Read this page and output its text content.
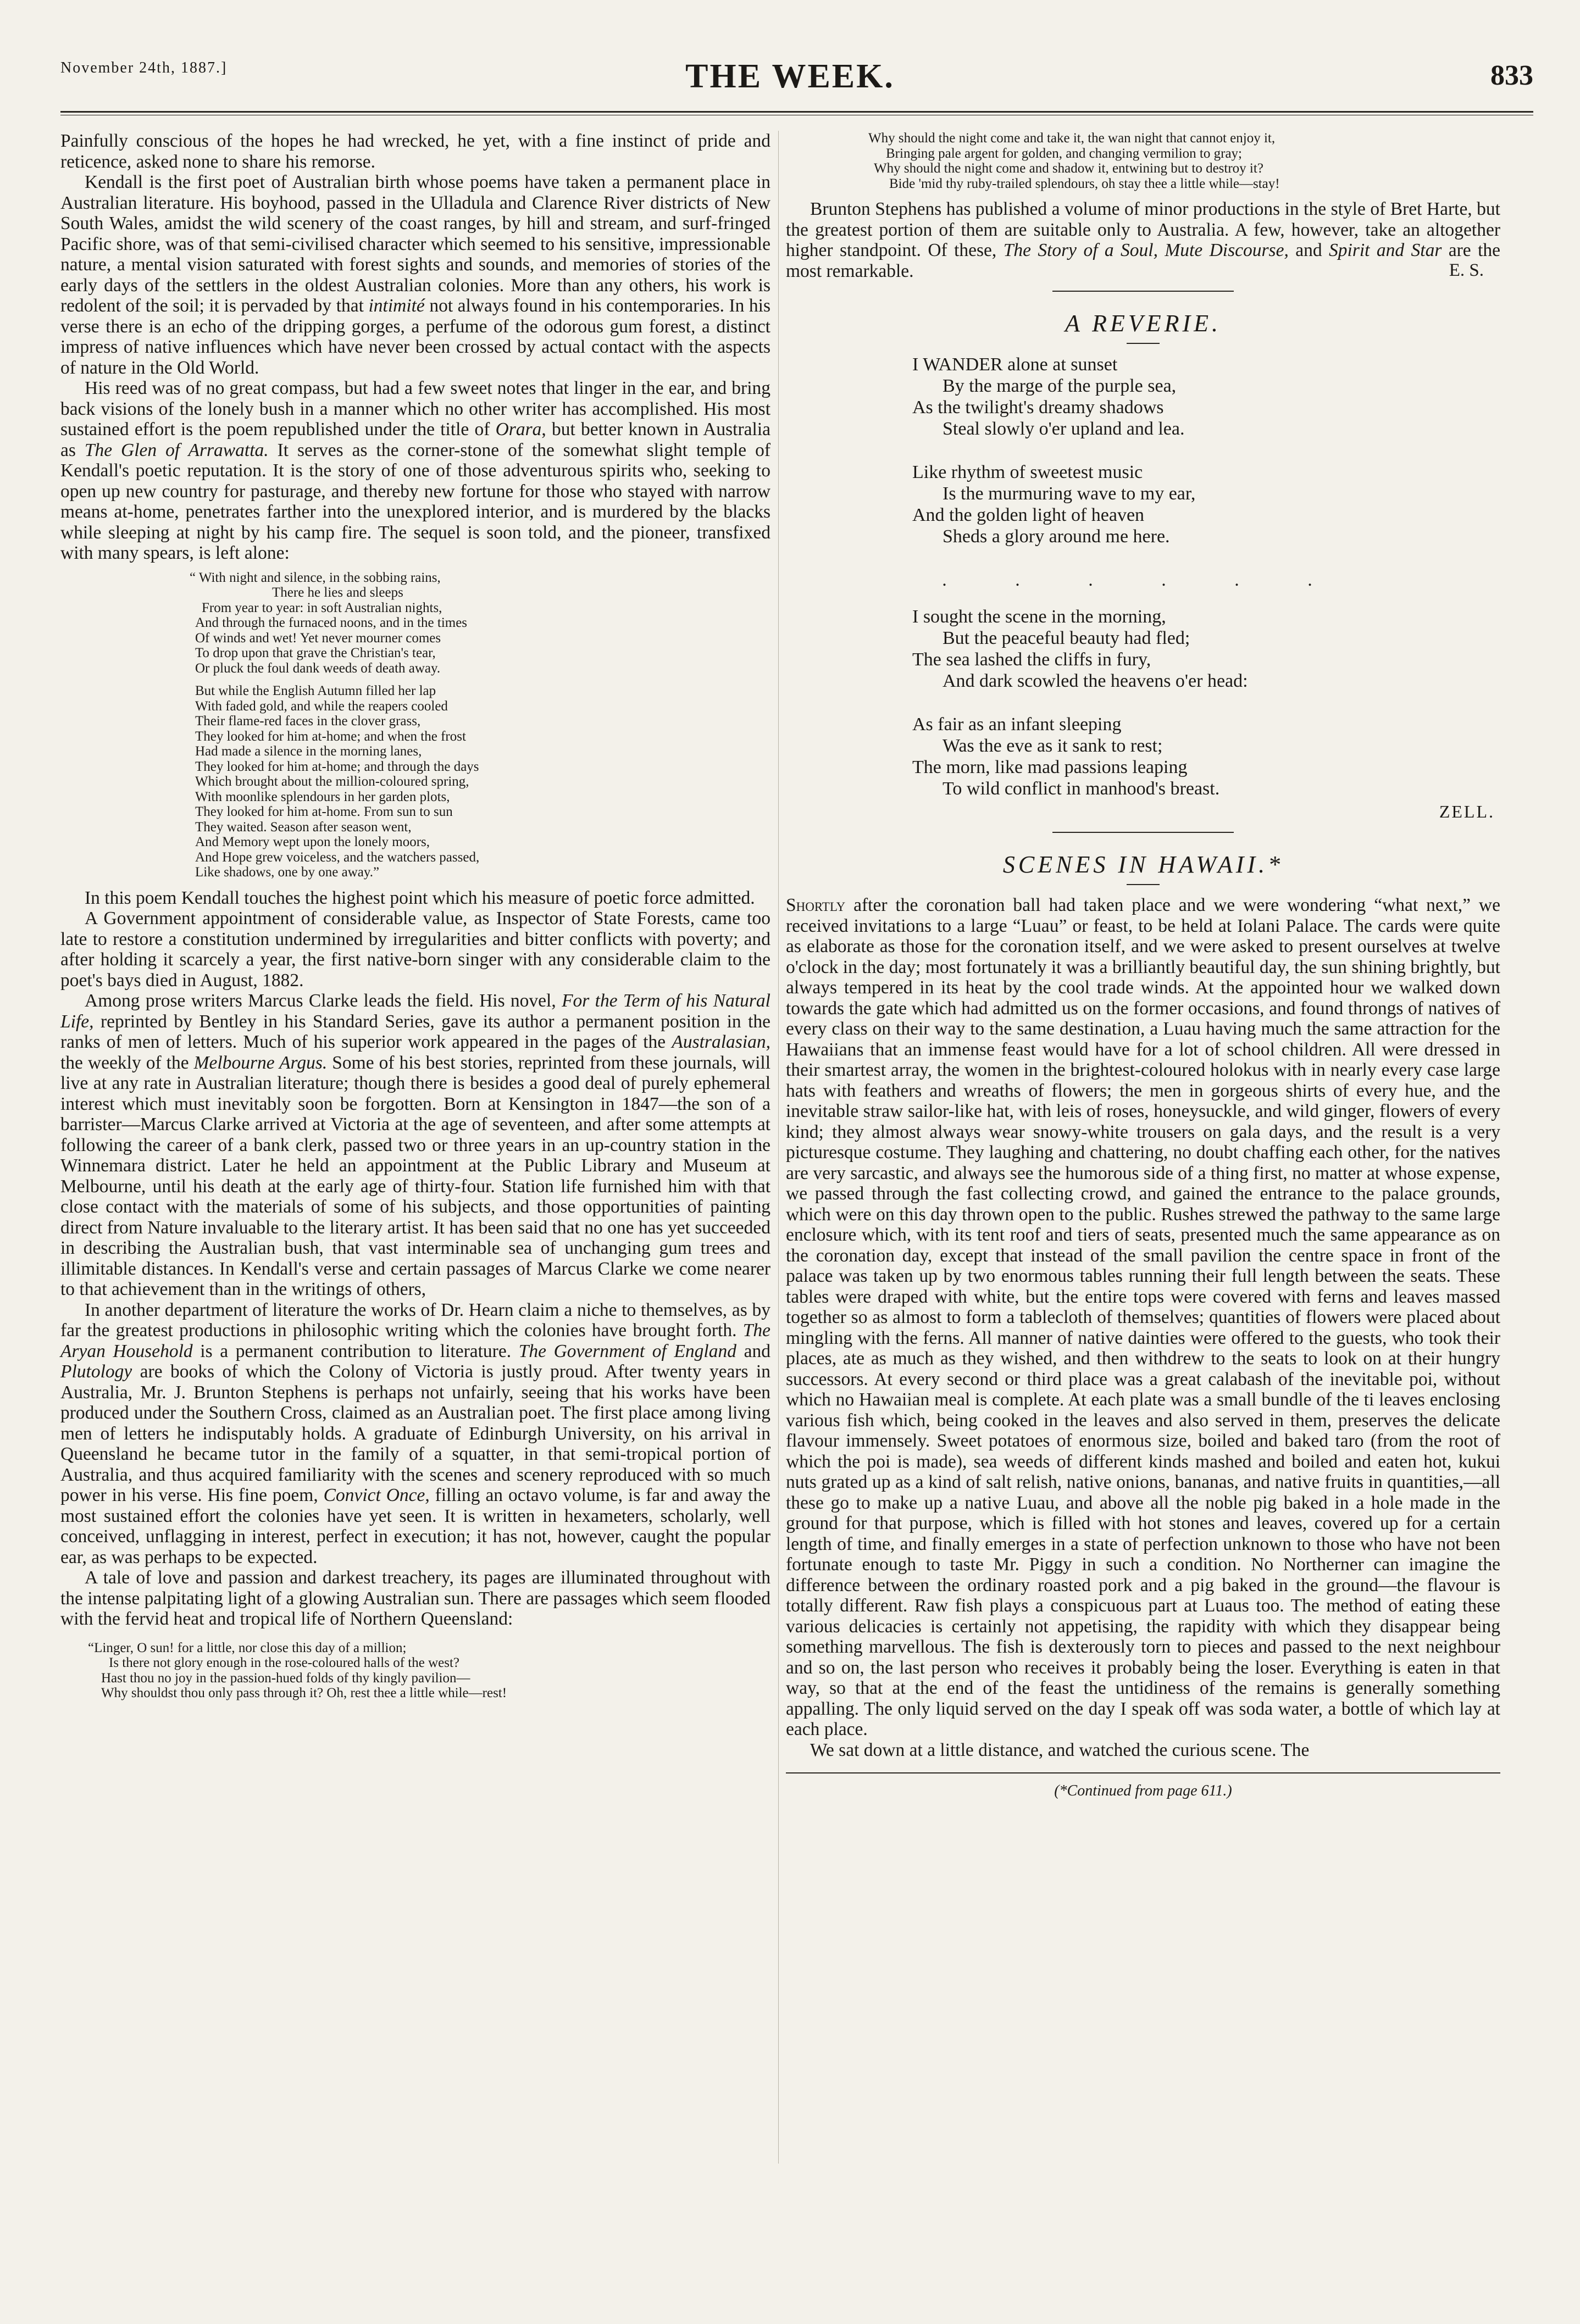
November 24th, 1887.]	THE WEEK.	833

Painfully conscious of the hopes he had wrecked, he yet, with a fine instinct of pride and reticence, asked none to share his remorse.

Kendall is the first poet of Australian birth whose poems have taken a permanent place in Australian literature. His boyhood, passed in the Ulladula and Clarence River districts of New South Wales, amidst the wild scenery of the coast ranges, by hill and stream, and surf-fringed Pacific shore, was of that semi-civilised character which seemed to his sensitive, impressionable nature, a mental vision saturated with forest sights and sounds, and memories of stories of the early days of the settlers in the oldest Australian colonies. More than any others, his work is redolent of the soil; it is pervaded by that intimité not always found in his contemporaries. In his verse there is an echo of the dripping gorges, a perfume of the odorous gum forest, a distinct impress of native influences which have never been crossed by actual contact with the aspects of nature in the Old World.

His reed was of no great compass, but had a few sweet notes that linger in the ear, and bring back visions of the lonely bush in a manner which no other writer has accomplished. His most sustained effort is the poem republished under the title of Orara, but better known in Australia as The Glen of Arrawatta. It serves as the corner-stone of the somewhat slight temple of Kendall's poetic reputation. It is the story of one of those adventurous spirits who, seeking to open up new country for pasturage, and thereby new fortune for those who stayed with narrow means at-home, penetrates farther into the unexplored interior, and is murdered by the blacks while sleeping at night by his camp fire. The sequel is soon told, and the pioneer, transfixed with many spears, is left alone:

“ With night and silence, in the sobbing rains,
There he lies and sleeps
From year to year: in soft Australian nights,
And through the furnaced noons, and in the times
Of winds and wet! Yet never mourner comes
To drop upon that grave the Christian's tear,
Or pluck the foul dank weeds of death away.
But while the English Autumn filled her lap
With faded gold, and while the reapers cooled
Their flame-red faces in the clover grass,
They looked for him at-home; and when the frost
Had made a silence in the morning lanes,
They looked for him at-home; and through the days
Which brought about the million-coloured spring,
With moonlike splendours in her garden plots,
They looked for him at-home. From sun to sun
They waited. Season after season went,
And Memory wept upon the lonely moors,
And Hope grew voiceless, and the watchers passed,
Like shadows, one by one away.”

In this poem Kendall touches the highest point which his measure of poetic force admitted.

A Government appointment of considerable value, as Inspector of State Forests, came too late to restore a constitution undermined by irregularities and bitter conflicts with poverty; and after holding it scarcely a year, the first native-born singer with any considerable claim to the poet's bays died in August, 1882.

Among prose writers Marcus Clarke leads the field. His novel, For the Term of his Natural Life, reprinted by Bentley in his Standard Series, gave its author a permanent position in the ranks of men of letters. Much of his superior work appeared in the pages of the Australasian, the weekly of the Melbourne Argus. Some of his best stories, reprinted from these journals, will live at any rate in Australian literature; though there is besides a good deal of purely ephemeral interest which must inevitably soon be forgotten. Born at Kensington in 1847—the son of a barrister—Marcus Clarke arrived at Victoria at the age of seventeen, and after some attempts at following the career of a bank clerk, passed two or three years in an up-country station in the Winnemara district. Later he held an appointment at the Public Library and Museum at Melbourne, until his death at the early age of thirty-four. Station life furnished him with that close contact with the materials of some of his subjects, and those opportunities of painting direct from Nature invaluable to the literary artist. It has been said that no one has yet succeeded in describing the Australian bush, that vast interminable sea of unchanging gum trees and illimitable distances. In Kendall's verse and certain passages of Marcus Clarke we come nearer to that achievement than in the writings of others,

In another department of literature the works of Dr. Hearn claim a niche to themselves, as by far the greatest productions in philosophic writing which the colonies have brought forth. The Aryan Household is a permanent contribution to literature. The Government of England and Plutology are books of which the Colony of Victoria is justly proud. After twenty years in Australia, Mr. J. Brunton Stephens is perhaps not unfairly, seeing that his works have been produced under the Southern Cross, claimed as an Australian poet. The first place among living men of letters he indisputably holds. A graduate of Edinburgh University, on his arrival in Queensland he became tutor in the family of a squatter, in that semi-tropical portion of Australia, and thus acquired familiarity with the scenes and scenery reproduced with so much power in his verse. His fine poem, Convict Once, filling an octavo volume, is far and away the most sustained effort the colonies have yet seen. It is written in hexameters, scholarly, well conceived, unflagging in interest, perfect in execution; it has not, however, caught the popular ear, as was perhaps to be expected.

A tale of love and passion and darkest treachery, its pages are illuminated throughout with the intense palpitating light of a glowing Australian sun. There are passages which seem flooded with the fervid heat and tropical life of Northern Queensland:

“Linger, O sun! for a little, nor close this day of a million;
Is there not glory enough in the rose-coloured halls of the west?
Hast thou no joy in the passion-hued folds of thy kingly pavilion—
Why shouldst thou only pass through it? Oh, rest thee a little while—rest!
Why should the night come and take it, the wan night that cannot enjoy it,
Bringing pale argent for golden, and changing vermilion to gray;
Why should the night come and shadow it, entwining but to destroy it?
Bide 'mid thy ruby-trailed splendours, oh stay thee a little while—stay!

Brunton Stephens has published a volume of minor productions in the style of Bret Harte, but the greatest portion of them are suitable only to Australia. A few, however, take an altogether higher standpoint. Of these, The Story of a Soul, Mute Discourse, and Spirit and Star are the most remarkable.	E. S.
A REVERIE.
I WANDER alone at sunset
By the marge of the purple sea,
As the twilight's dreamy shadows
Steal slowly o'er upland and lea.
Like rhythm of sweetest music
Is the murmuring wave to my ear,
And the golden light of heaven
Sheds a glory around me here.
. . . . . .
I sought the scene in the morning,
But the peaceful beauty had fled;
The sea lashed the cliffs in fury,
And dark scowled the heavens o'er head:
As fair as an infant sleeping
Was the eve as it sank to rest;
The morn, like mad passions leaping
To wild conflict in manhood's breast.
ZELL.
SCENES IN HAWAII.*

Shortly after the coronation ball had taken place and we were wondering “what next,” we received invitations to a large “Luau” or feast, to be held at Iolani Palace. The cards were quite as elaborate as those for the coronation itself, and we were asked to present ourselves at twelve o'clock in the day; most fortunately it was a brilliantly beautiful day, the sun shining brightly, but always tempered in its heat by the cool trade winds. At the appointed hour we walked down towards the gate which had admitted us on the former occasions, and found throngs of natives of every class on their way to the same destination, a Luau having much the same attraction for the Hawaiians that an immense feast would have for a lot of school children. All were dressed in their smartest array, the women in the brightest-coloured holokus with in nearly every case large hats with feathers and wreaths of flowers; the men in gorgeous shirts of every hue, and the inevitable straw sailor-like hat, with leis of roses, honeysuckle, and wild ginger, flowers of every kind; they almost always wear snowy-white trousers on gala days, and the result is a very picturesque costume. They laughing and chattering, no doubt chaffing each other, for the natives are very sarcastic, and always see the humorous side of a thing first, no matter at whose expense, we passed through the fast collecting crowd, and gained the entrance to the palace grounds, which were on this day thrown open to the public. Rushes strewed the pathway to the same large enclosure which, with its tent roof and tiers of seats, presented much the same appearance as on the coronation day, except that instead of the small pavilion the centre space in front of the palace was taken up by two enormous tables running their full length between the seats. These tables were draped with white, but the entire tops were covered with ferns and leaves massed together so as almost to form a tablecloth of themselves; quantities of flowers were placed about mingling with the ferns. All manner of native dainties were offered to the guests, who took their places, ate as much as they wished, and then withdrew to the seats to look on at their hungry successors. At every second or third place was a great calabash of the inevitable poi, without which no Hawaiian meal is complete. At each plate was a small bundle of the ti leaves enclosing various fish which, being cooked in the leaves and also served in them, preserves the delicate flavour immensely. Sweet potatoes of enormous size, boiled and baked taro (from the root of which the poi is made), sea weeds of different kinds mashed and boiled and eaten hot, kukui nuts grated up as a kind of salt relish, native onions, bananas, and native fruits in quantities,—all these go to make up a native Luau, and above all the noble pig baked in a hole made in the ground for that purpose, which is filled with hot stones and leaves, covered up for a certain length of time, and finally emerges in a state of perfection unknown to those who have not been fortunate enough to taste Mr. Piggy in such a condition. No Northerner can imagine the difference between the ordinary roasted pork and a pig baked in the ground—the flavour is totally different. Raw fish plays a conspicuous part at Luaus too. The method of eating these various delicacies is certainly not appetising, the rapidity with which they disappear being something marvellous. The fish is dexterously torn to pieces and passed to the next neighbour and so on, the last person who receives it probably being the loser. Everything is eaten in that way, so that at the end of the feast the untidiness of the remains is generally something appalling. The only liquid served on the day I speak off was soda water, a bottle of which lay at each place.

We sat down at a little distance, and watched the curious scene. The

(*Continued from page 611.)
